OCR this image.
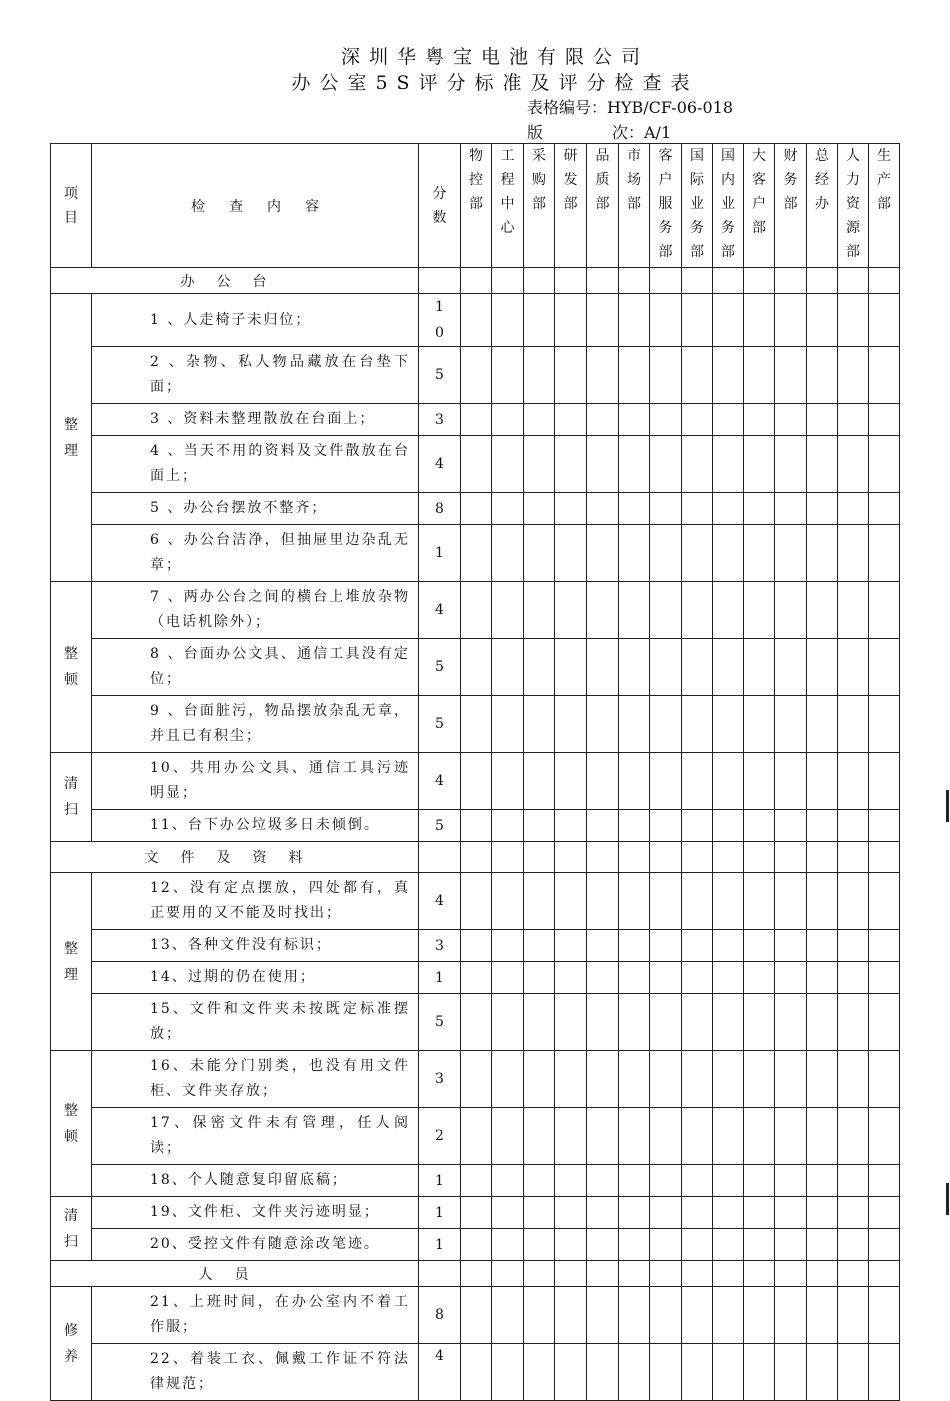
深圳华粤宝电池有限公司
办公室5S评分标准及评分检查表
表格编号：HYB/CF-06-018
版	次：A/1
项目	检查内容	分数	物控部	工程中心	采购部	研发部	品质部	市场部	客户服务部	国际业务部	国内业务部	大客户部	财务部	总经办	人力资源部	生产部
办公台																
整理	1 、人走椅子未归位；	10														
	2 、杂物、私人物品藏放在台垫下面；	5														
	3 、资料未整理散放在台面上；	3														
	4 、当天不用的资料及文件散放在台面上；	4														
	5 、办公台摆放不整齐；	8														
	6 、办公台洁净，但抽屉里边杂乱无章；	1														
整顿	7 、两办公台之间的横台上堆放杂物（电话机除外）；	4														
	8 、台面办公文具、通信工具没有定位；	5														
	9 、台面脏污，物品摆放杂乱无章，并且已有积尘；	5														
清扫	10、共用办公文具、通信工具污迹明显；	4														
	11、台下办公垃圾多日未倾倒。	5														
文件及资料																
整理	12、没有定点摆放，四处都有，真正要用的又不能及时找出；	4														
	13、各种文件没有标识；	3														
	14、过期的仍在使用；	1														
	15、文件和文件夹未按既定标准摆放；	5														
整顿	16、未能分门别类，也没有用文件柜、文件夹存放；	3														
	17、保密文件未有管理，任人阅读；	2														
	18、个人随意复印留底稿；	1														
清扫	19、文件柜、文件夹污迹明显；	1														
	20、受控文件有随意涂改笔迹。	1														
人员																
修养	21、上班时间，在办公室内不着工作服；	8														
	22、着装工衣、佩戴工作证不符法律规范；	4														
